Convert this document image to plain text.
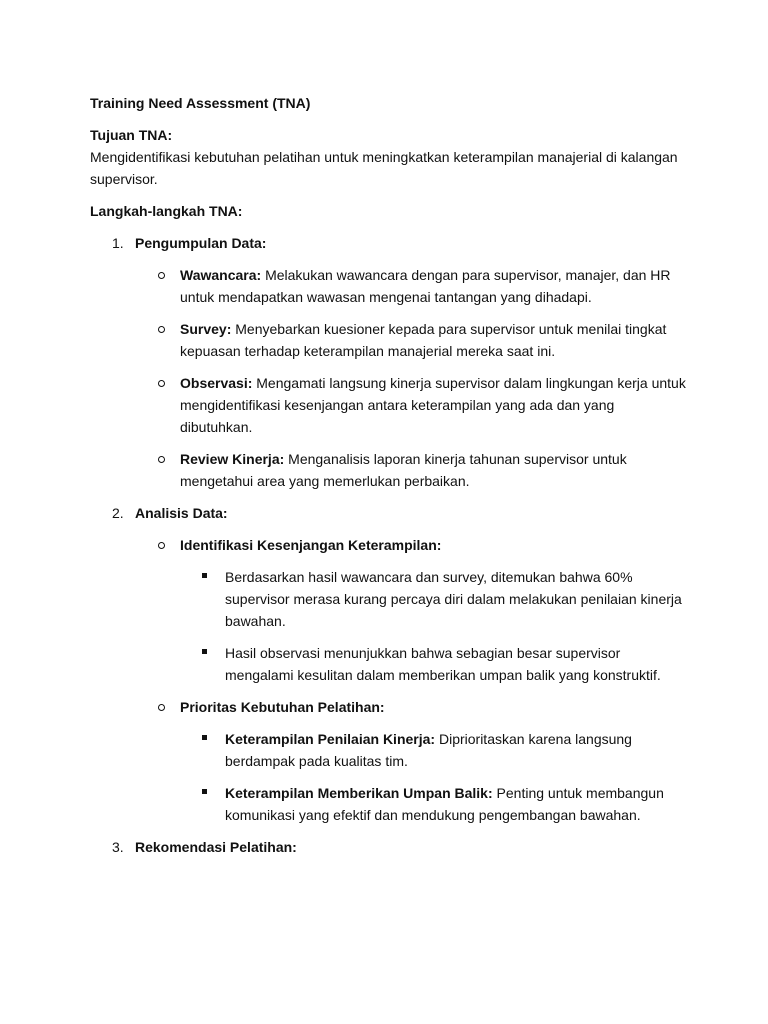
Training Need Assessment (TNA)

Tujuan TNA:

Mengidentifikasi kebutuhan pelatihan untuk meningkatkan keterampilan manajerial di kalangan supervisor.

Langkah-langkah TNA:

1. Pengumpulan Data:
Wawancara: Melakukan wawancara dengan para supervisor, manajer, dan HR untuk mendapatkan wawasan mengenai tantangan yang dihadapi.
Survey: Menyebarkan kuesioner kepada para supervisor untuk menilai tingkat kepuasan terhadap keterampilan manajerial mereka saat ini.
Observasi: Mengamati langsung kinerja supervisor dalam lingkungan kerja untuk mengidentifikasi kesenjangan antara keterampilan yang ada dan yang dibutuhkan.
Review Kinerja: Menganalisis laporan kinerja tahunan supervisor untuk mengetahui area yang memerlukan perbaikan.
2. Analisis Data:
Identifikasi Kesenjangan Keterampilan:
Berdasarkan hasil wawancara dan survey, ditemukan bahwa 60% supervisor merasa kurang percaya diri dalam melakukan penilaian kinerja bawahan.
Hasil observasi menunjukkan bahwa sebagian besar supervisor mengalami kesulitan dalam memberikan umpan balik yang konstruktif.
Prioritas Kebutuhan Pelatihan:
Keterampilan Penilaian Kinerja: Diprioritaskan karena langsung berdampak pada kualitas tim.
Keterampilan Memberikan Umpan Balik: Penting untuk membangun komunikasi yang efektif dan mendukung pengembangan bawahan.
3. Rekomendasi Pelatihan:
